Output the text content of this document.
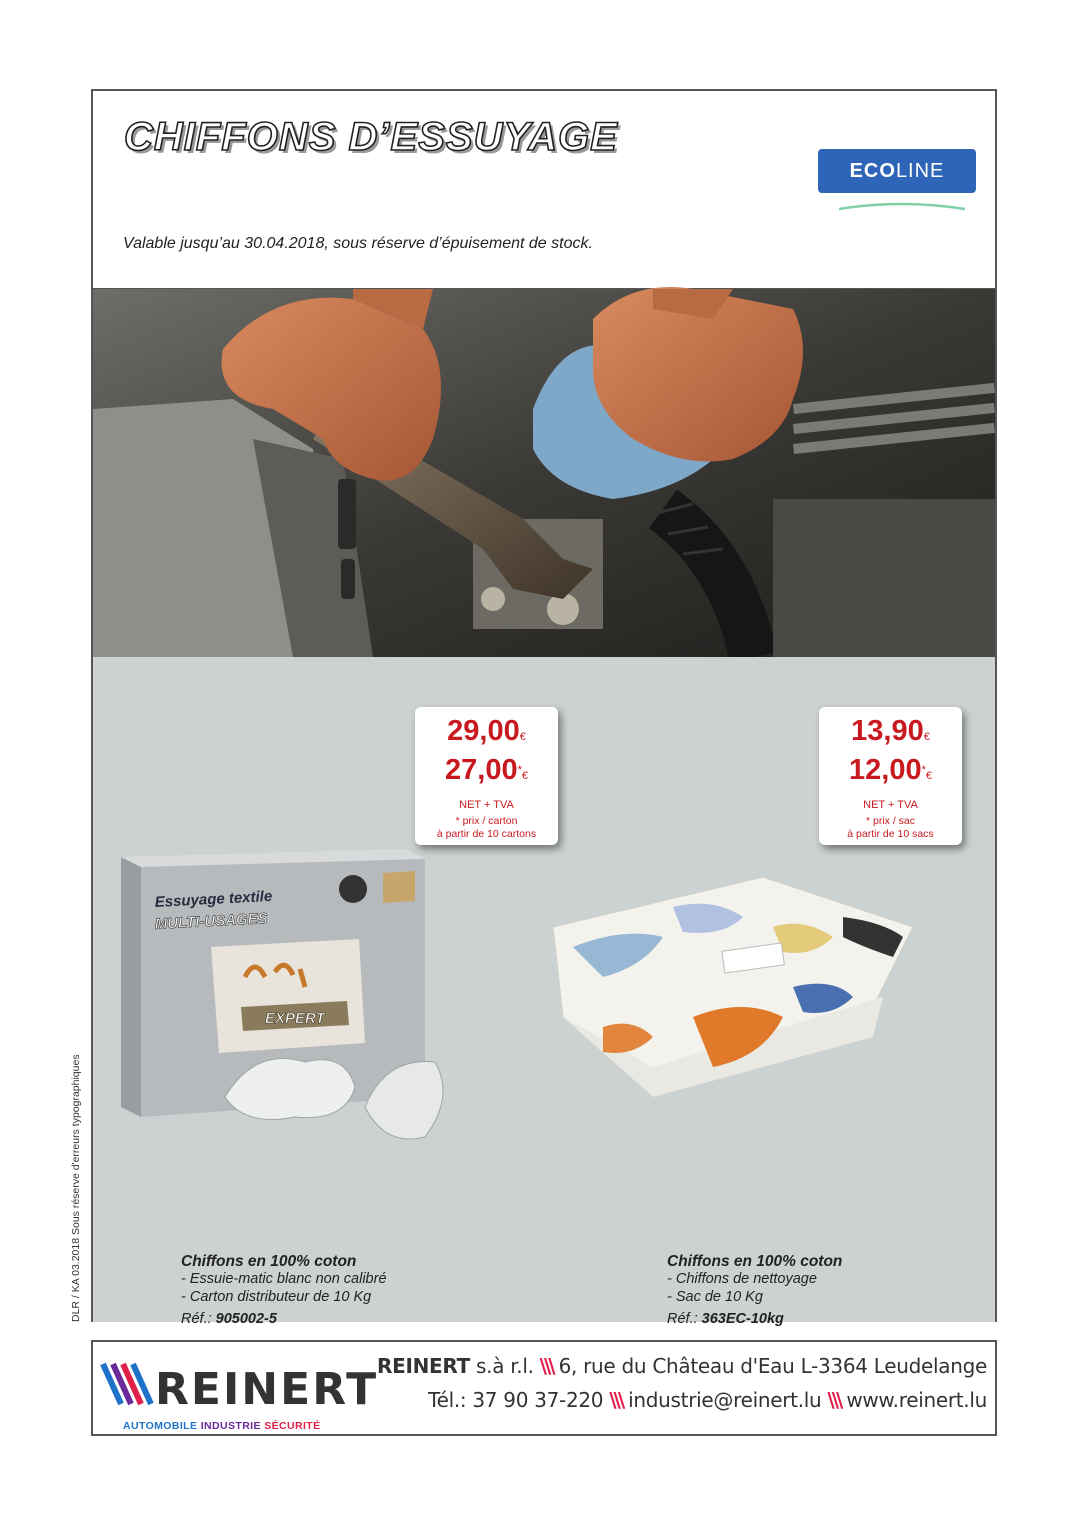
CHIFFONS D’ESSUYAGE
ECOLINE
Valable jusqu’au 30.04.2018, sous réserve d’épuisement de stock.
29,00€
27,00*€
NET + TVA
* prix / carton
à partir de 10 cartons
13,90€
12,00*€
NET + TVA
* prix / sac
à partir de 10 sacs
Essuyage textile
MULTI-USAGES
EXPERT
Chiffons en 100% coton
- Essuie-matic blanc non calibré
- Carton distributeur de 10 Kg
Réf.: 905002-5
Chiffons en 100% coton
- Chiffons de nettoyage
- Sac de 10 Kg
Réf.: 363EC-10kg
DLR / KA 03.2018 Sous réserve d'erreurs typographiques
REINERT
AUTOMOBILE INDUSTRIE SÉCURITÉ
REINERT s.à r.l. \\\ 6, rue du Château d'Eau L-3364 Leudelange
Tél.: 37 90 37-220 \\\ industrie@reinert.lu \\\ www.reinert.lu
